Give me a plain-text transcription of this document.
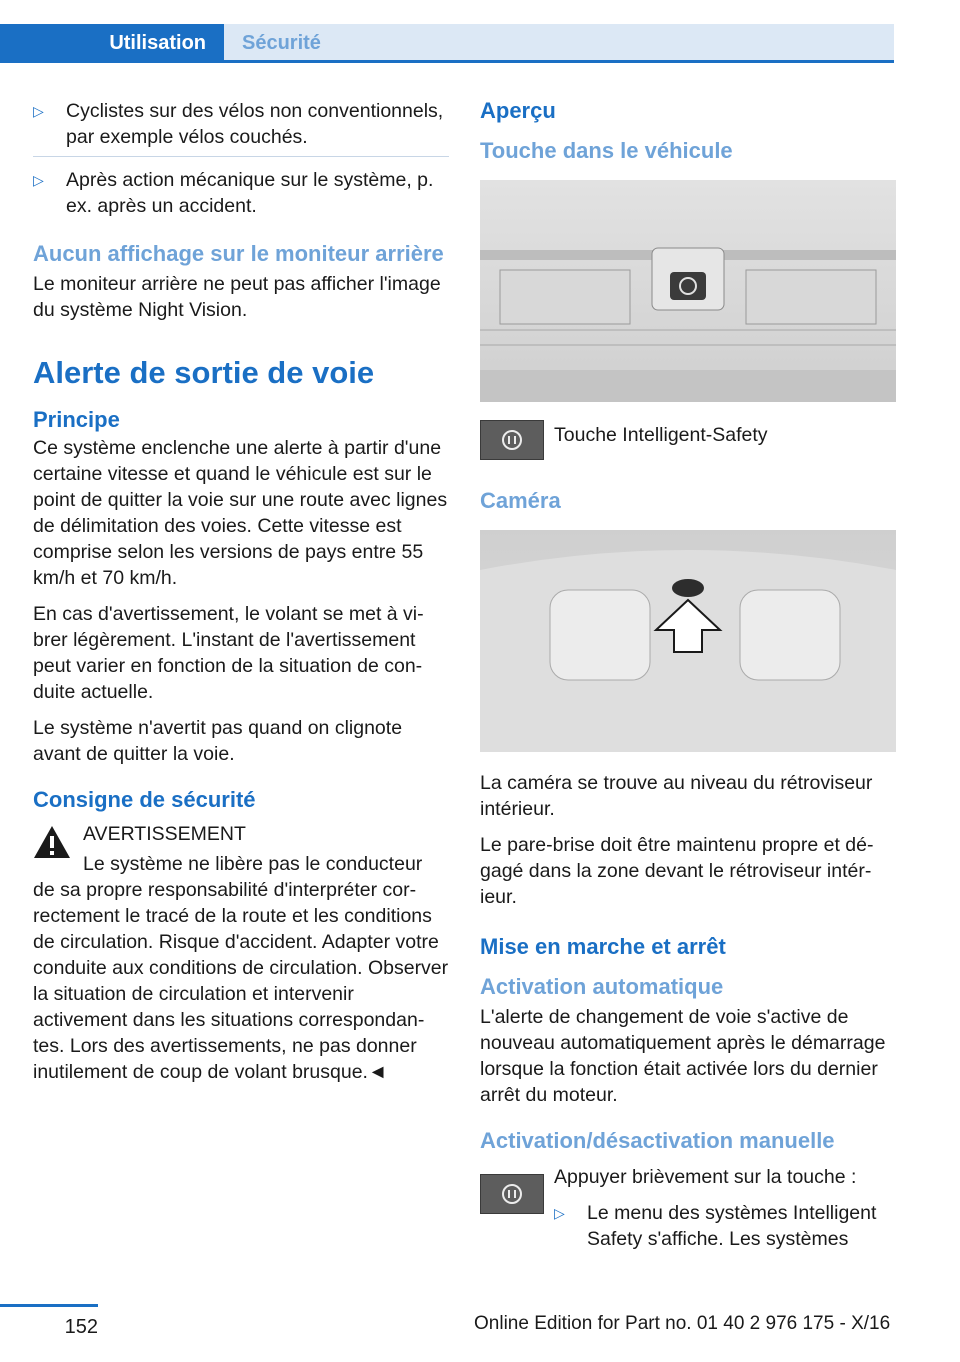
Utilisation	Sécurité
▷ Cyclistes sur des vélos non conventionnels, par exemple vélos couchés.
▷ Après action mécanique sur le système, p. ex. après un accident.
Aucun affichage sur le moniteur arrière

Le moniteur arrière ne peut pas afficher l'image du système Night Vision.

Alerte de sortie de voie
Principe

Ce système enclenche une alerte à partir d'une certaine vitesse et quand le véhicule est sur le point de quitter la voie sur une route avec lignes de délimitation des voies. Cette vitesse est comprise selon les versions de pays entre 55 km/h et 70 km/h.

En cas d'avertissement, le volant se met à vibrer légèrement. L'instant de l'avertissement peut varier en fonction de la situation de conduite actuelle.

Le système n'avertit pas quand on clignote avant de quitter la voie.

Consigne de sécurité

AVERTISSEMENT

Le système ne libère pas le conducteur de sa propre responsabilité d'interpréter correctement le tracé de la route et les conditions de circulation. Risque d'accident. Adapter votre conduite aux conditions de circulation. Observer la situation de circulation et intervenir activement dans les situations correspondantes. Lors des avertissements, ne pas donner inutilement de coup de volant brusque.◄

Aperçu
Touche dans le véhicule

Touche Intelligent-Safety

Caméra

La caméra se trouve au niveau du rétroviseur intérieur.

Le pare-brise doit être maintenu propre et dégagé dans la zone devant le rétroviseur intérieur.

Mise en marche et arrêt
Activation automatique

L'alerte de changement de voie s'active de nouveau automatiquement après le démarrage lorsque la fonction était activée lors du dernier arrêt du moteur.

Activation/désactivation manuelle

Appuyer brièvement sur la touche :

▷ Le menu des systèmes Intelligent Safety s'affiche. Les systèmes
152	Online Edition for Part no. 01 40 2 976 175 - X/16
